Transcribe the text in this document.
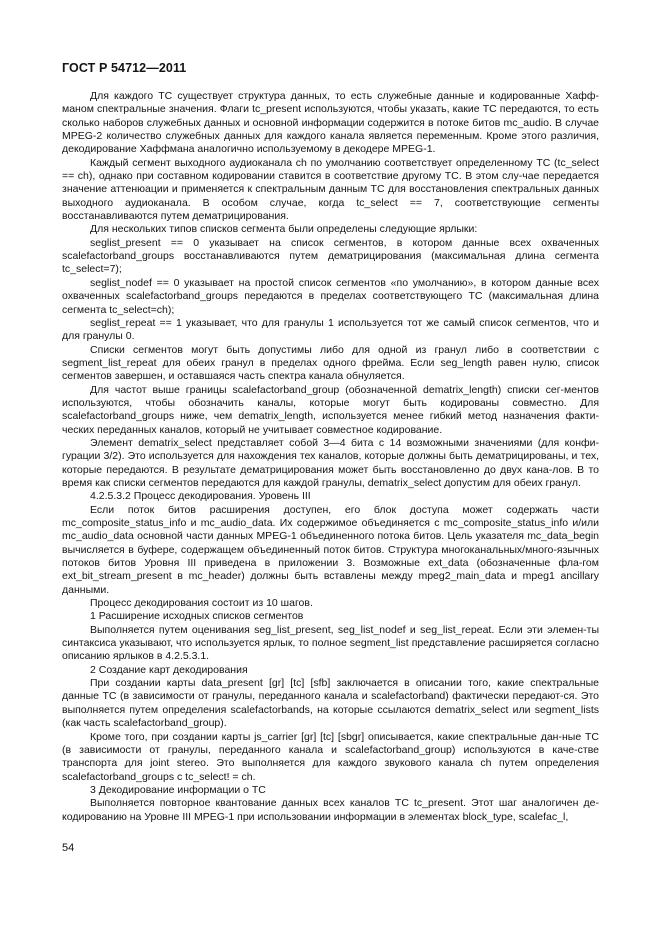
ГОСТ Р 54712—2011

Для каждого TC существует структура данных, то есть служебные данные и кодированные Хафф-маном спектральные значения. Флаги tc_present используются, чтобы указать, какие TC передаются, то есть сколько наборов служебных данных и основной информации содержится в потоке битов mc_audio. В случае MPEG-2 количество служебных данных для каждого канала является переменным. Кроме этого различия, декодирование Хаффмана аналогично используемому в декодере MPEG-1.

Каждый сегмент выходного аудиоканала ch по умолчанию соответствует определенному TC (tc_select == ch), однако при составном кодировании ставится в соответствие другому TC. В этом слу-чае передается значение аттенюации и применяется к спектральным данным TC для восстановления спектральных данных выходного аудиоканала. В особом случае, когда tc_select == 7, соответствующие сегменты восстанавливаются путем дематрицирования.

Для нескольких типов списков сегмента были определены следующие ярлыки:

seglist_present == 0 указывает на список сегментов, в котором данные всех охваченных scalefactorband_groups восстанавливаются путем дематрицирования (максимальная длина сегмента tc_select=7);

seglist_nodef == 0 указывает на простой список сегментов «по умолчанию», в котором данные всех охваченных scalefactorband_groups передаются в пределах соответствующего TC (максимальная длина сегмента tc_select=ch);

seglist_repeat == 1 указывает, что для гранулы 1 используется тот же самый список сегментов, что и для гранулы 0.

Списки сегментов могут быть допустимы либо для одной из гранул либо в соответствии с segment_list_repeat для обеих гранул в пределах одного фрейма. Если seg_length равен нулю, список сегментов завершен, и оставшаяся часть спектра канала обнуляется.

Для частот выше границы scalefactorband_group (обозначенной dematrix_length) списки сег-ментов используются, чтобы обозначить каналы, которые могут быть кодированы совместно. Для scalefactorband_groups ниже, чем dematrix_length, используется менее гибкий метод назначения факти-ческих переданных каналов, который не учитывает совместное кодирование.

Элемент dematrix_select представляет собой 3—4 бита с 14 возможными значениями (для конфи-гурации 3/2). Это используется для нахождения тех каналов, которые должны быть дематрицированы, и тех, которые передаются. В результате дематрицирования может быть восстановленно до двух кана-лов. В то время как списки сегментов передаются для каждой гранулы, dematrix_select допустим для обеих гранул.

4.2.5.3.2 Процесс декодирования. Уровень III

Если поток битов расширения доступен, его блок доступа может содержать части mc_composite_status_info и mc_audio_data. Их содержимое объединяется с mc_composite_status_info и/или mc_audio_data основной части данных MPEG-1 объединенного потока битов. Цель указателя mc_data_begin вычисляется в буфере, содержащем объединенный поток битов. Структура многоканальных/много-язычных потоков битов Уровня III приведена в приложении 3. Возможные ext_data (обозначенные фла-гом ext_bit_stream_present в mc_header) должны быть вставлены между mpeg2_main_data и mpeg1 ancillary данными.

Процесс декодирования состоит из 10 шагов.

1 Расширение исходных списков сегментов

Выполняется путем оценивания seg_list_present, seg_list_nodef и seg_list_repeat. Если эти элемен-ты синтаксиса указывают, что используется ярлык, то полное segment_list представление расширяется согласно описанию ярлыков в 4.2.5.3.1.

2 Создание карт декодирования

При создании карты data_present [gr] [tc] [sfb] заключается в описании того, какие спектральные данные TC (в зависимости от гранулы, переданного канала и scalefactorband) фактически передают-ся. Это выполняется путем определения scalefactorbands, на которые ссылаются dematrix_select или segment_lists (как часть scalefactorband_group).

Кроме того, при создании карты js_carrier [gr] [tc] [sbgr] описывается, какие спектральные дан-ные TC (в зависимости от гранулы, переданного канала и scalefactorband_group) используются в каче-стве транспорта для joint stereo. Это выполняется для каждого звукового канала ch путем определения scalefactorband_groups с tc_select! = ch.

3 Декодирование информации о TC

Выполняется повторное квантование данных всех каналов TC tc_present. Этот шаг аналогичен де-кодированию на Уровне III MPEG-1 при использовании информации в элементах block_type, scalefac_l,

54
